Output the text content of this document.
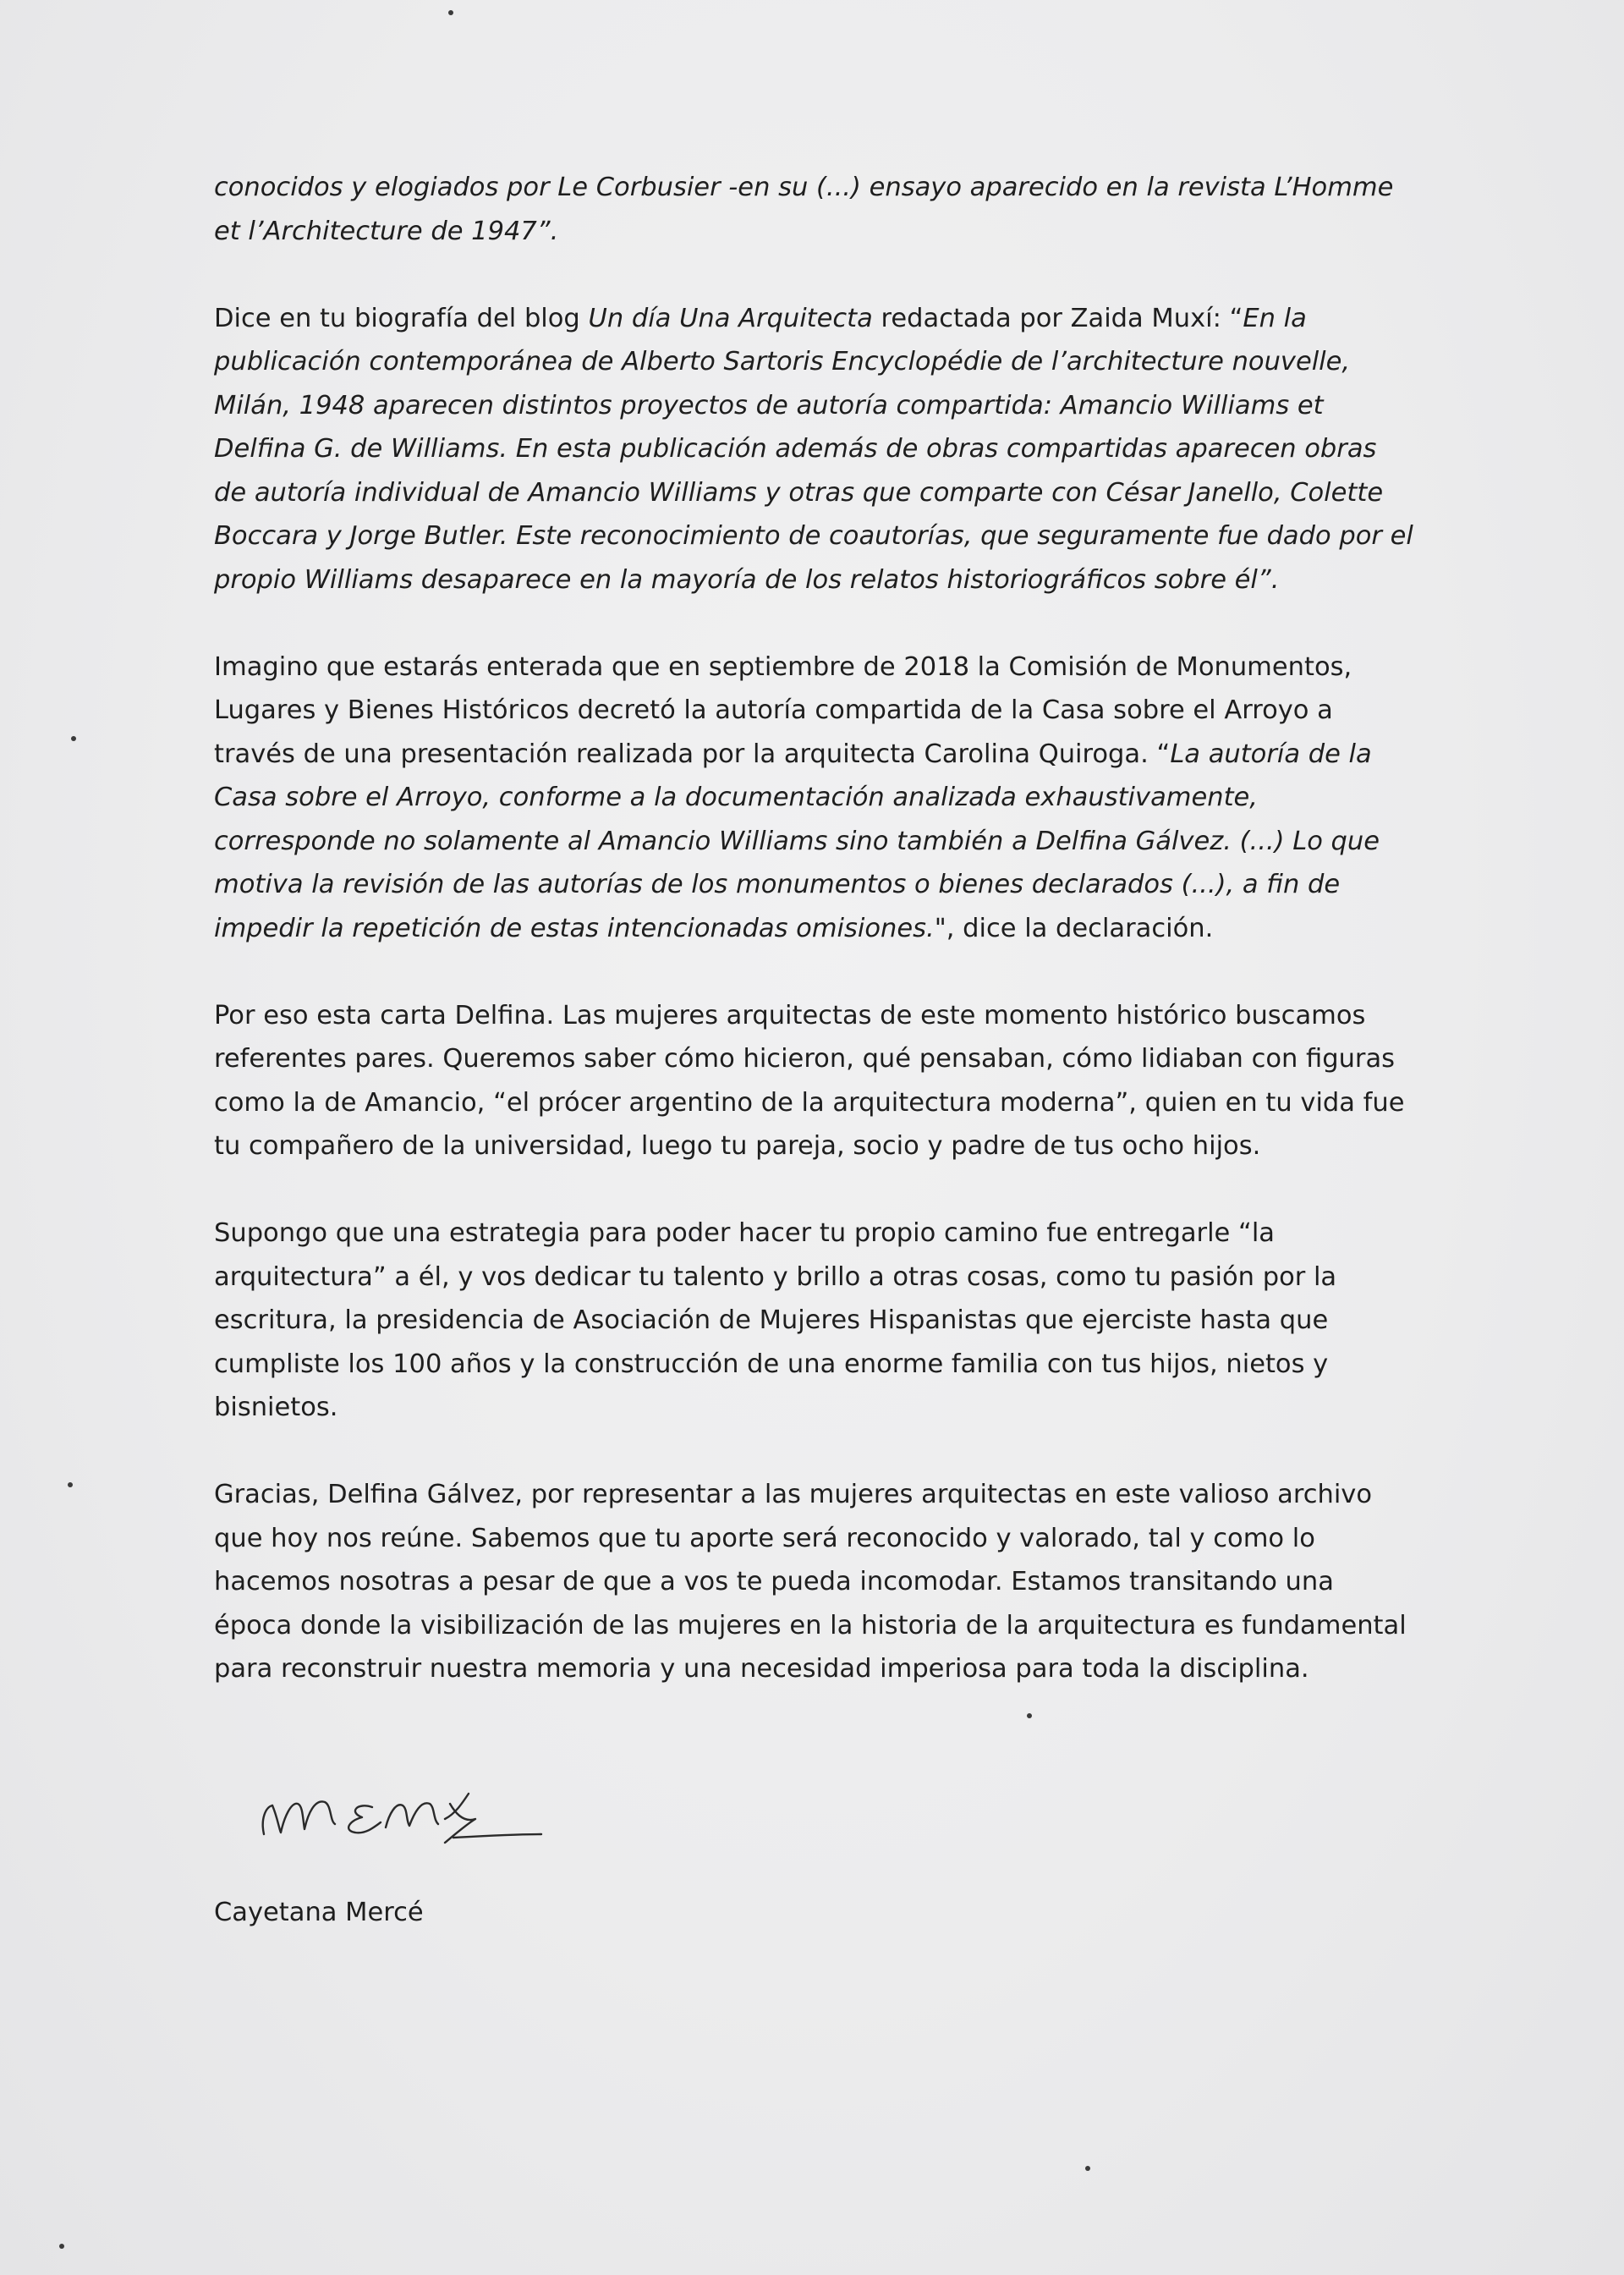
conocidos y elogiados por Le Corbusier -en su (...) ensayo aparecido en la revista L’Homme et l’Architecture de 1947”.

Dice en tu biografía del blog Un día Una Arquitecta redactada por Zaida Muxí: “En la publicación contemporánea de Alberto Sartoris Encyclopédie de l’architecture nouvelle, Milán, 1948 aparecen distintos proyectos de autoría compartida: Amancio Williams et Delfina G. de Williams. En esta publicación además de obras compartidas aparecen obras de autoría individual de Amancio Williams y otras que comparte con César Janello, Colette Boccara y Jorge Butler. Este reconocimiento de coautorías, que seguramente fue dado por el propio Williams desaparece en la mayoría de los relatos historiográficos sobre él”.

Imagino que estarás enterada que en septiembre de 2018 la Comisión de Monumentos, Lugares y Bienes Históricos decretó la autoría compartida de la Casa sobre el Arroyo a través de una presentación realizada por la arquitecta Carolina Quiroga. “La autoría de la Casa sobre el Arroyo, conforme a la documentación analizada exhaustivamente, corresponde no solamente al Amancio Williams sino también a Delfina Gálvez. (...) Lo que motiva la revisión de las autorías de los monumentos o bienes declarados (...), a fin de impedir la repetición de estas intencionadas omisiones.", dice la declaración.

Por eso esta carta Delfina. Las mujeres arquitectas de este momento histórico buscamos referentes pares. Queremos saber cómo hicieron, qué pensaban, cómo lidiaban con figuras como la de Amancio, “el prócer argentino de la arquitectura moderna”, quien en tu vida fue tu compañero de la universidad, luego tu pareja, socio y padre de tus ocho hijos.

Supongo que una estrategia para poder hacer tu propio camino fue entregarle “la arquitectura” a él, y vos dedicar tu talento y brillo a otras cosas, como tu pasión por la escritura, la presidencia de Asociación de Mujeres Hispanistas que ejerciste hasta que cumpliste los 100 años y la construcción de una enorme familia con tus hijos, nietos y bisnietos.

Gracias, Delfina Gálvez, por representar a las mujeres arquitectas en este valioso archivo que hoy nos reúne. Sabemos que tu aporte será reconocido y valorado, tal y como lo hacemos nosotras a pesar de que a vos te pueda incomodar. Estamos transitando una época donde la visibilización de las mujeres en la historia de la arquitectura es fundamental para reconstruir nuestra memoria y una necesidad imperiosa para toda la disciplina.

Cayetana Mercé
